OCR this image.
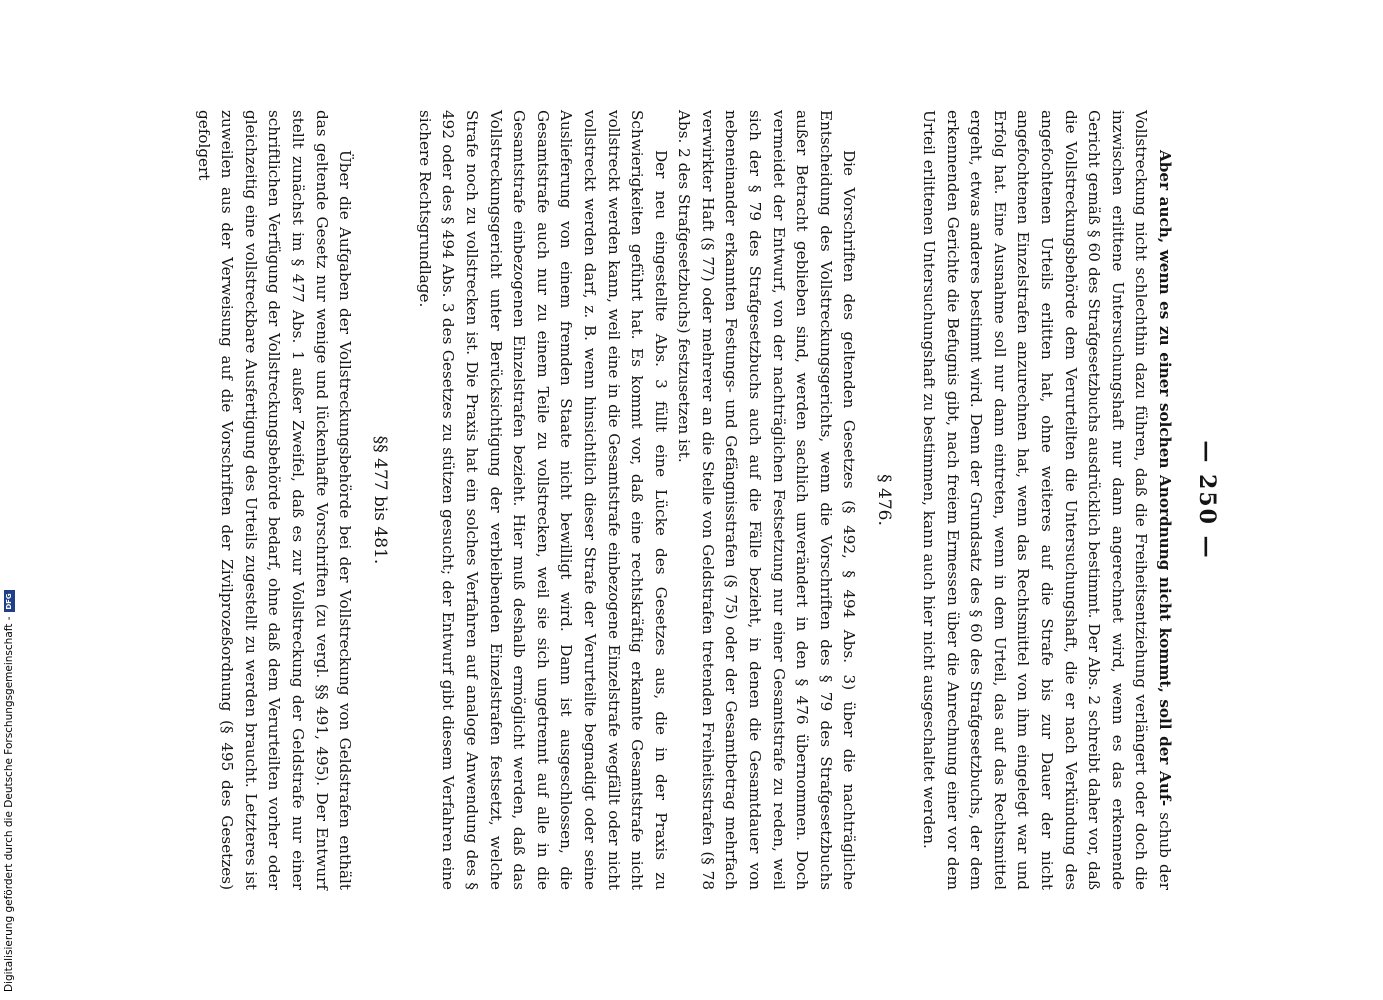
— 250 —

Aber auch, wenn es zu einer solchen Anordnung nicht kommt, soll der Auf- schub der Vollstreckung nicht schlechthin dazu führen, daß die Freiheitsentziehung verlängert oder doch die inzwischen erlittene Untersuchungshaft nur dann angerechnet wird, wenn es das erkennende Gericht gemäß § 60 des Strafgesetzbuchs ausdrücklich bestimmt. Der Abs. 2 schreibt daher vor, daß die Vollstreckungsbehörde dem Verurteilten die Untersuchungshaft, die er nach Verkündung des angefochtenen Urteils erlitten hat, ohne weiteres auf die Strafe bis zur Dauer der nicht angefochtenen Einzelstrafen anzurechnen hat, wenn das Rechtsmittel von ihm eingelegt war und Erfolg hat. Eine Ausnahme soll nur dann eintreten, wenn in dem Urteil, das auf das Rechtsmittel ergeht, etwas anderes bestimmt wird. Denn der Grundsatz des § 60 des Strafgesetzbuchs, der dem erkennenden Gerichte die Befugnis gibt, nach freiem Ermessen über die Anrechnung einer vor dem Urteil erlittenen Untersuchungshaft zu bestimmen, kann auch hier nicht ausgeschaltet werden.

§ 476.

Die Vorschriften des geltenden Gesetzes (§ 492, § 494 Abs. 3) über die nachträgliche Entscheidung des Vollstreckungsgerichts, wenn die Vorschriften des § 79 des Strafgesetzbuchs außer Betracht geblieben sind, werden sachlich unverändert in den § 476 übernommen. Doch vermeidet der Entwurf, von der nachträglichen Festsetzung nur einer Gesamtstrafe zu reden, weil sich der § 79 des Strafgesetzbuchs auch auf die Fälle bezieht, in denen die Gesamtdauer von nebeneinander erkannten Festungs- und Gefängnisstrafen (§ 75) oder der Gesamtbetrag mehrfach verwirkter Haft (§ 77) oder mehrerer an die Stelle von Geldstrafen tretenden Freiheitsstrafen (§ 78 Abs. 2 des Strafgesetzbuchs) festzusetzen ist.

Der neu eingestellte Abs. 3 füllt eine Lücke des Gesetzes aus, die in der Praxis zu Schwierigkeiten geführt hat. Es kommt vor, daß eine rechtskräftig erkannte Gesamtstrafe nicht vollstreckt werden kann, weil eine in die Gesamtstrafe einbezogene Einzelstrafe wegfällt oder nicht vollstreckt werden darf, z. B. wenn hinsichtlich dieser Strafe der Verurteilte begnadigt oder seine Auslieferung von einem fremden Staate nicht bewilligt wird. Dann ist ausgeschlossen, die Gesamtstrafe auch nur zu einem Teile zu vollstrecken, weil sie sich ungetrennt auf alle in die Gesamtstrafe einbezogenen Einzelstrafen bezieht. Hier muß deshalb ermöglicht werden, daß das Vollstreckungsgericht unter Berücksichtigung der verbleibenden Einzelstrafen festsetzt, welche Strafe noch zu vollstrecken ist. Die Praxis hat ein solches Verfahren auf analoge Anwendung des § 492 oder des § 494 Abs. 3 des Gesetzes zu stützen gesucht; der Entwurf gibt diesem Verfahren eine sichere Rechtsgrundlage.

§§ 477 bis 481.

Über die Aufgaben der Vollstreckungsbehörde bei der Vollstreckung von Geldstrafen enthält das geltende Gesetz nur wenige und lückenhafte Vorschriften (zu vergl. §§ 491, 495). Der Entwurf stellt zunächst im § 477 Abs. 1 außer Zweifel, daß es zur Vollstreckung der Geldstrafe nur einer schriftlichen Verfügung der Vollstreckungsbehörde bedarf, ohne daß dem Verurteilten vorher oder gleichzeitig eine vollstreckbare Ausfertigung des Urteils zugestellt zu werden braucht. Letzteres ist zuweilen aus der Verweisung auf die Vorschriften der Zivilprozeßordnung (§ 495 des Gesetzes) gefolgert

Digitalisierung gefördert durch die Deutsche Forschungsgemeinschaft -
DFG
